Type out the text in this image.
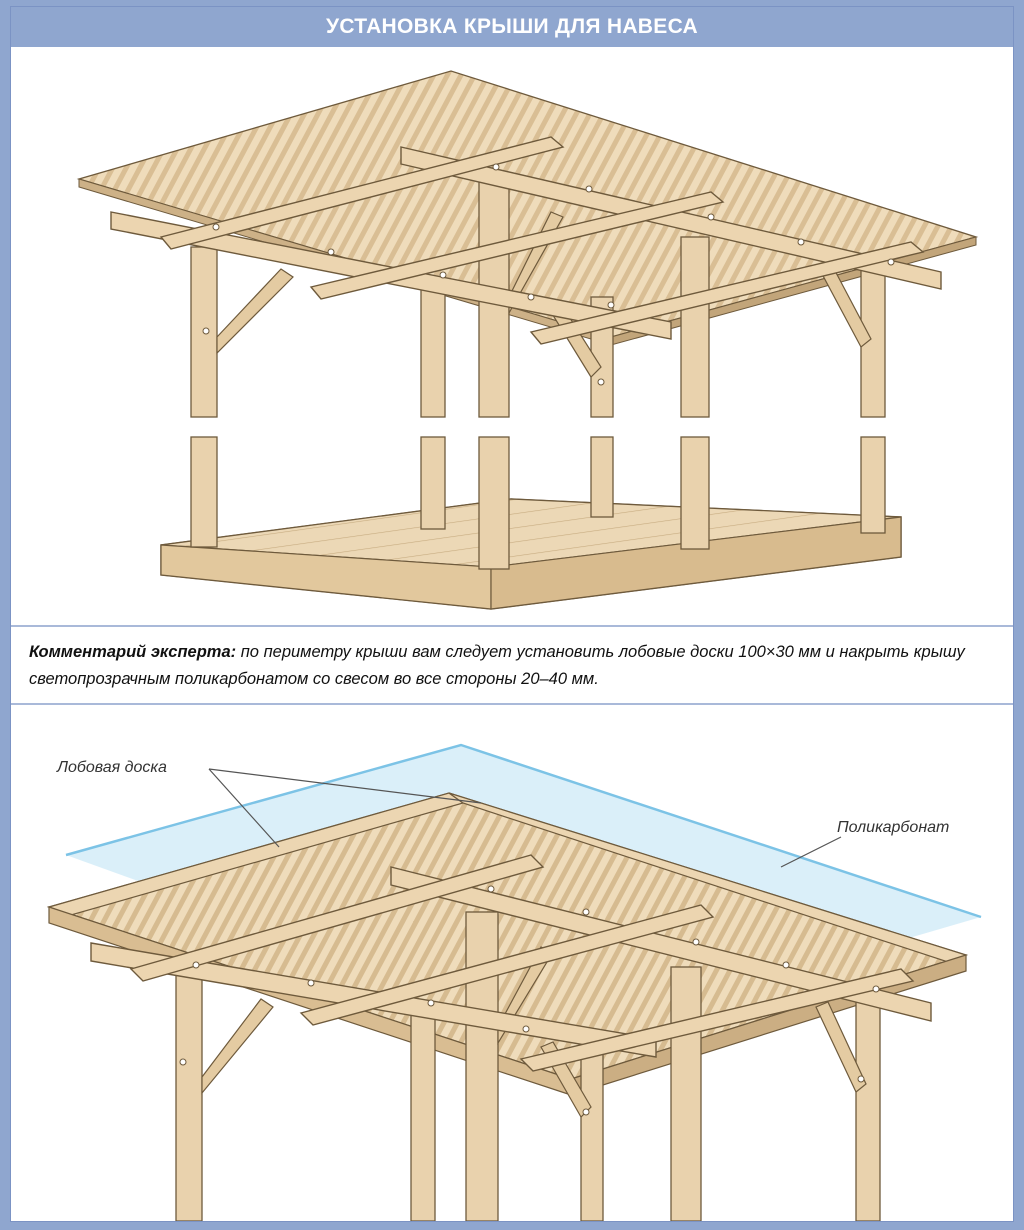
УСТАНОВКА КРЫШИ ДЛЯ НАВЕСА
Комментарий эксперта: по периметру крыши вам следует установить лобовые доски 100×30 мм и накрыть крышу светопрозрачным поликарбонатом со свесом во все стороны 20–40 мм.
Лобовая доска
Поликарбонат
